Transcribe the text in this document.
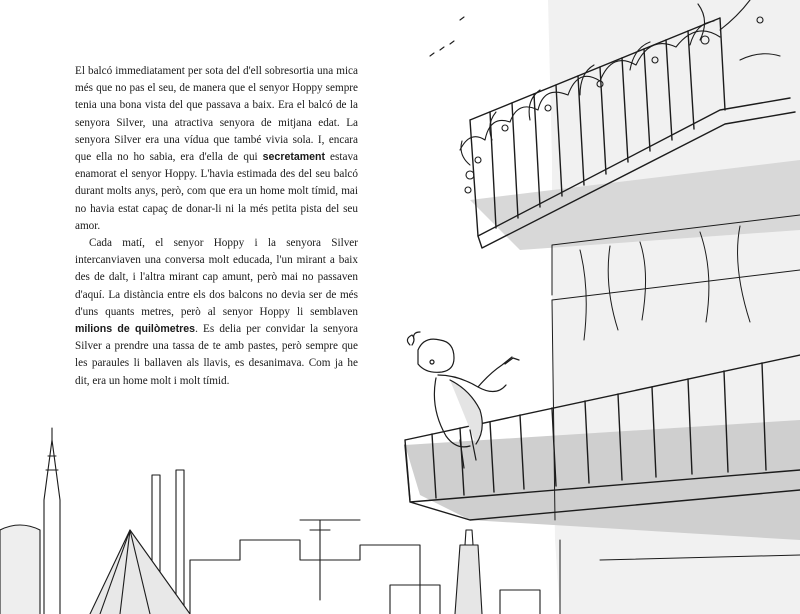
El balcó immediatament per sota del d'ell sobresortia una mica més que no pas el seu, de manera que el senyor Hoppy sempre tenia una bona vista del que passava a baix. Era el balcó de la senyora Silver, una atractiva senyora de mitjana edat. La senyora Silver era una vídua que també vivia sola. I, encara que ella no ho sabia, era d'ella de qui secretament estava enamorat el senyor Hoppy. L'havia estimada des del seu balcó durant molts anys, però, com que era un home molt tímid, mai no havia estat capaç de donar-li ni la més petita pista del seu amor.

Cada matí, el senyor Hoppy i la senyora Silver intercanviaven una conversa molt educada, l'un mirant a baix des de dalt, i l'altra mirant cap amunt, però mai no passaven d'aquí. La distància entre els dos balcons no devia ser de més d'uns quants metres, però al senyor Hoppy li semblaven milions de quilòmetres. Es delia per convidar la senyora Silver a prendre una tassa de te amb pastes, però sempre que les paraules li ballaven als llavis, es desanimava. Com ja he dit, era un home molt i molt tímid.
